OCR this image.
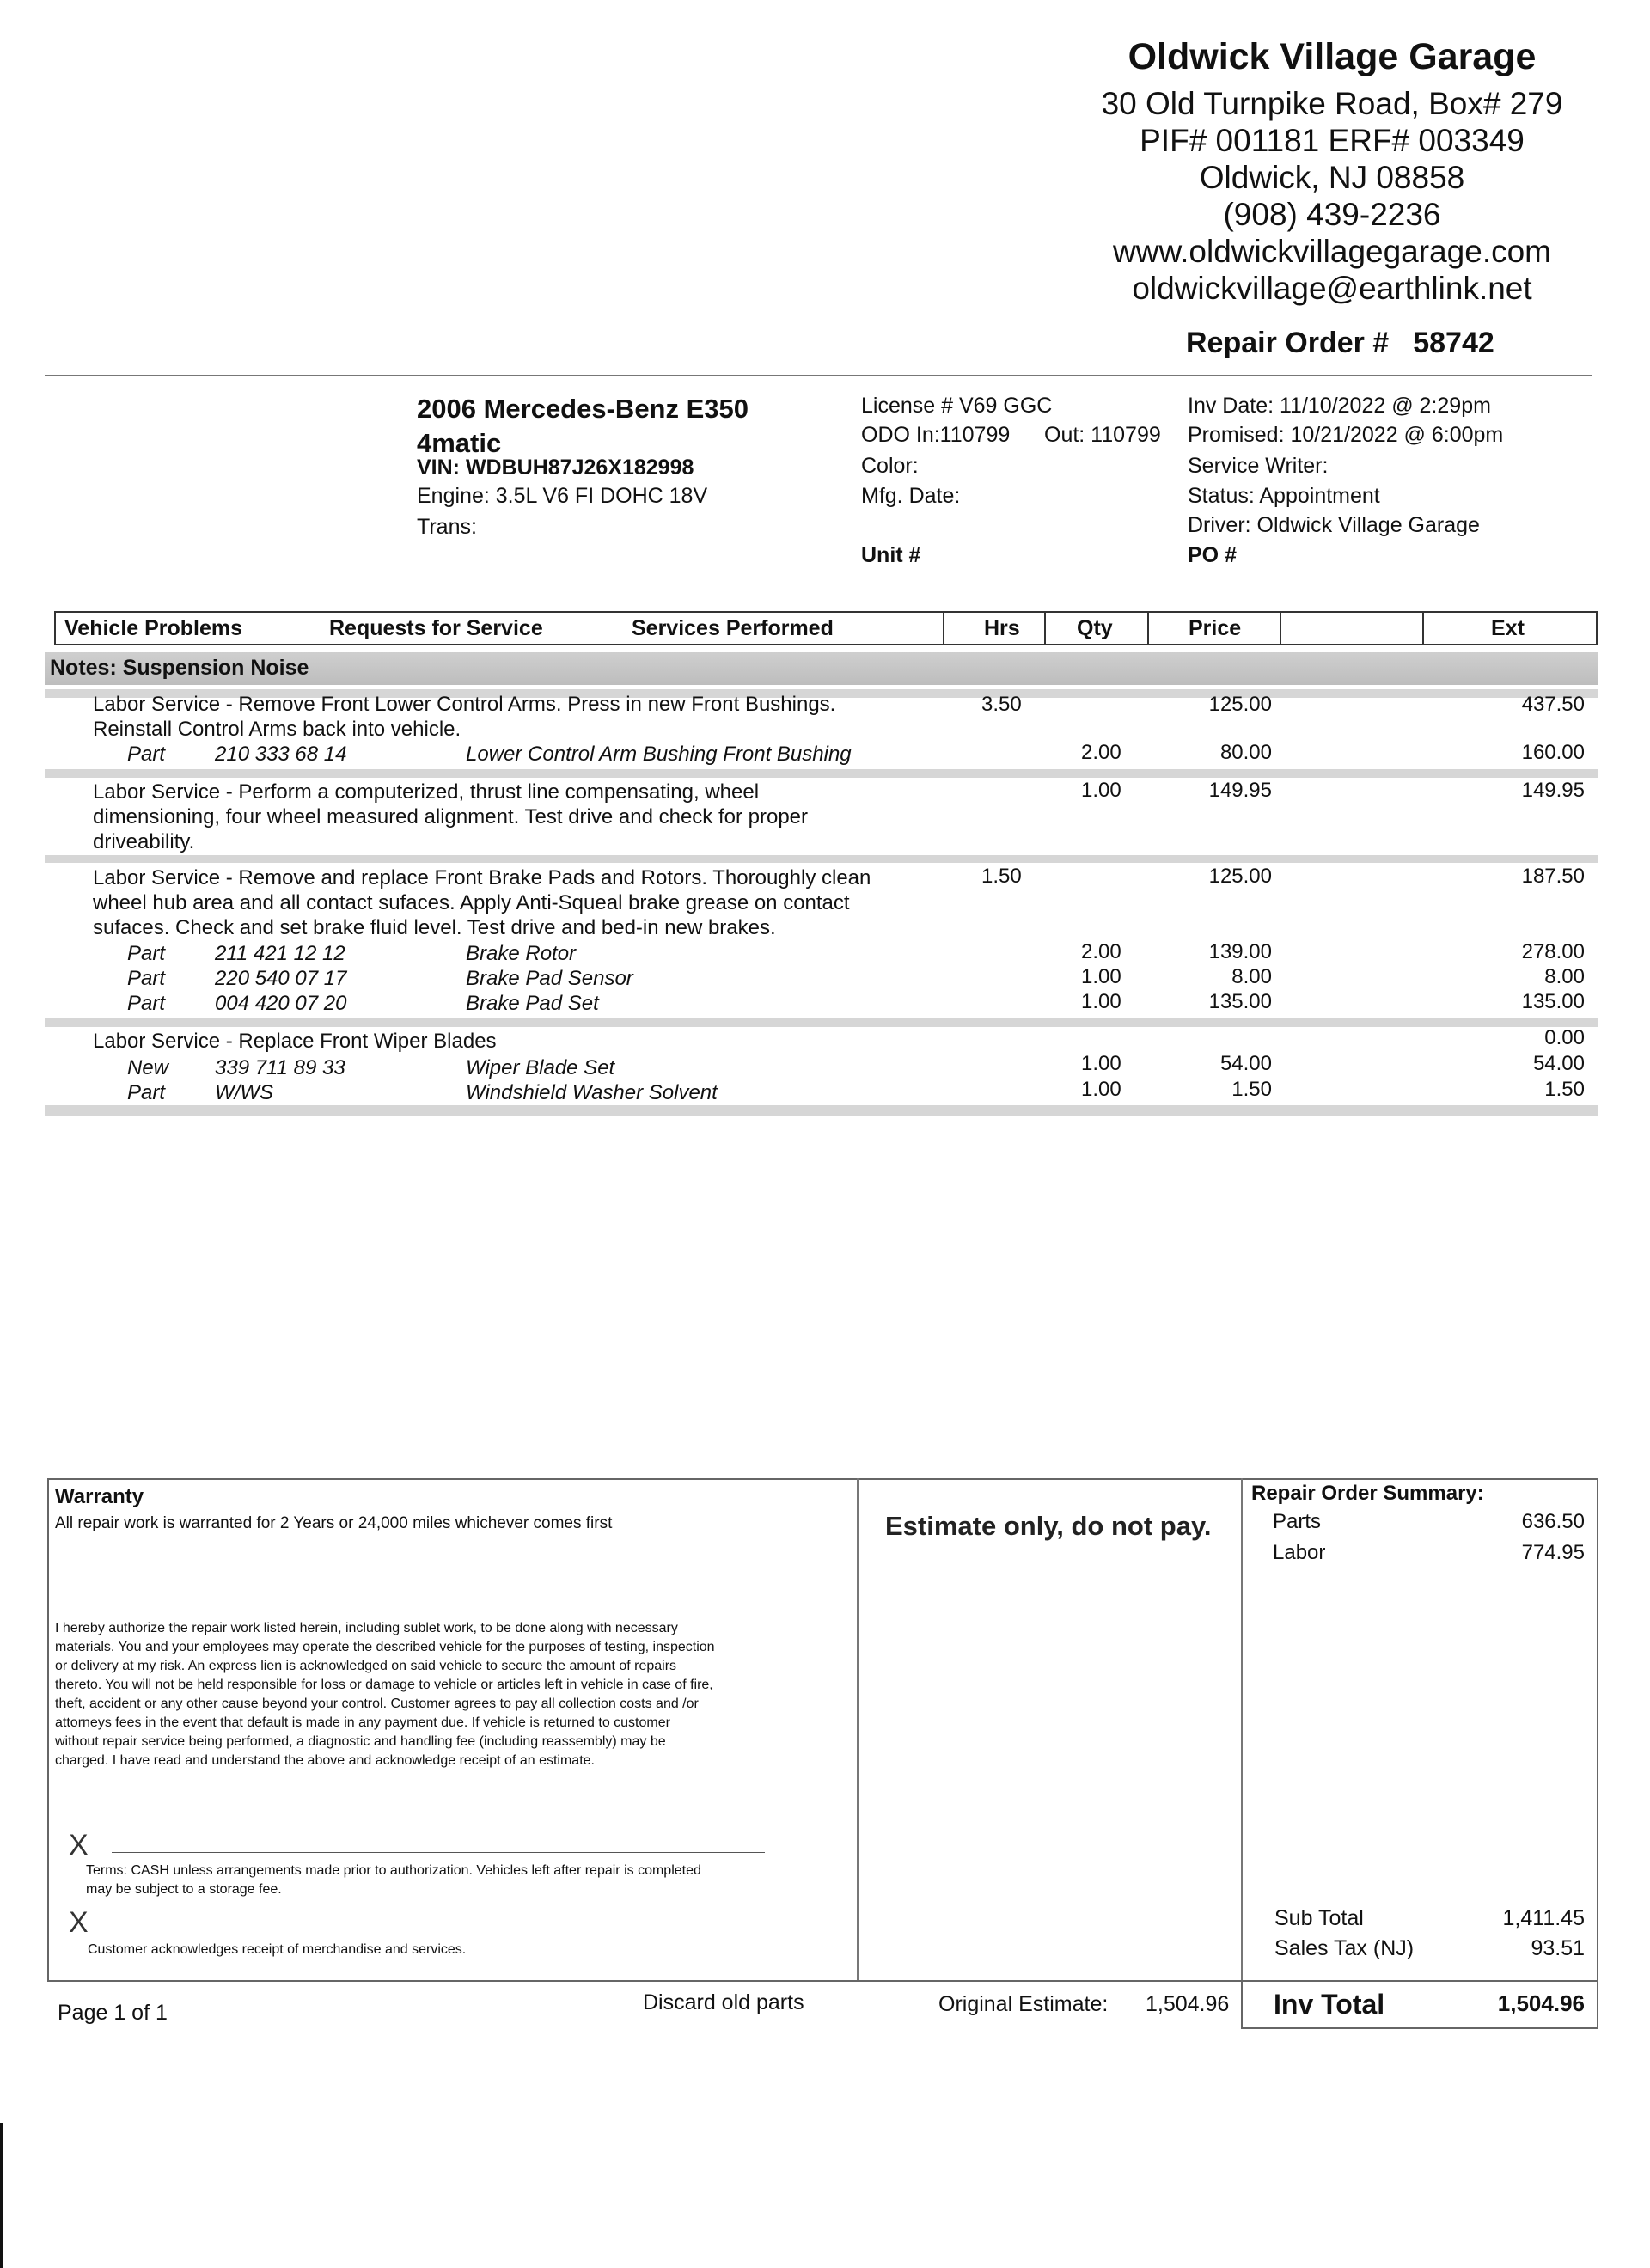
Oldwick Village Garage
30 Old Turnpike Road, Box# 279
PIF# 001181 ERF# 003349
Oldwick, NJ 08858
(908) 439-2236
www.oldwickvillagegarage.com
oldwickvillage@earthlink.net
Repair Order # 58742
2006 Mercedes-Benz E350
4matic
VIN: WDBUH87J26X182998
Engine: 3.5L V6 FI DOHC 18V
Trans:
License # V69 GGC
ODO In:110799 Out: 110799
Color:
Mfg. Date:
Unit #
Inv Date: 11/10/2022 @ 2:29pm
Promised: 10/21/2022 @ 6:00pm
Service Writer:
Status: Appointment
Driver: Oldwick Village Garage
PO #
Vehicle Problems	Requests for Service	Services Performed	Hrs	Qty	Price	Ext
Notes: Suspension Noise
Labor Service - Remove Front Lower Control Arms. Press in new Front Bushings.
Reinstall Control Arms back into vehicle.
3.50	125.00	437.50
Part 210 333 68 14	Lower Control Arm Bushing Front Bushing	2.00	80.00	160.00
Labor Service - Perform a computerized, thrust line compensating, wheel
dimensioning, four wheel measured alignment. Test drive and check for proper
driveability.
1.00	149.95	149.95
Labor Service - Remove and replace Front Brake Pads and Rotors. Thoroughly clean
wheel hub area and all contact sufaces. Apply Anti-Squeal brake grease on contact
sufaces. Check and set brake fluid level. Test drive and bed-in new brakes.
1.50	125.00	187.50
Part 211 421 12 12	Brake Rotor	2.00	139.00	278.00
Part 220 540 07 17	Brake Pad Sensor	1.00	8.00	8.00
Part 004 420 07 20	Brake Pad Set	1.00	135.00	135.00
Labor Service - Replace Front Wiper Blades	0.00
New 339 711 89 33	Wiper Blade Set	1.00	54.00	54.00
Part W/WS	Windshield Washer Solvent	1.00	1.50	1.50
Warranty
All repair work is warranted for 2 Years or 24,000 miles whichever comes first
I hereby authorize the repair work listed herein, including sublet work, to be done along with necessary
materials. You and your employees may operate the described vehicle for the purposes of testing, inspection
or delivery at my risk. An express lien is acknowledged on said vehicle to secure the amount of repairs
thereto. You will not be held responsible for loss or damage to vehicle or articles left in vehicle in case of fire,
theft, accident or any other cause beyond your control. Customer agrees to pay all collection costs and /or
attorneys fees in the event that default is made in any payment due. If vehicle is returned to customer
without repair service being performed, a diagnostic and handling fee (including reassembly) may be
charged. I have read and understand the above and acknowledge receipt of an estimate.
X
Terms: CASH unless arrangements made prior to authorization. Vehicles left after repair is completed
may be subject to a storage fee.
X
Customer acknowledges receipt of merchandise and services.
Estimate only, do not pay.
Repair Order Summary:
Parts	636.50
Labor	774.95
Sub Total	1,411.45
Sales Tax (NJ)	93.51
Inv Total	1,504.96
Page 1 of 1	Discard old parts	Original Estimate: 1,504.96
